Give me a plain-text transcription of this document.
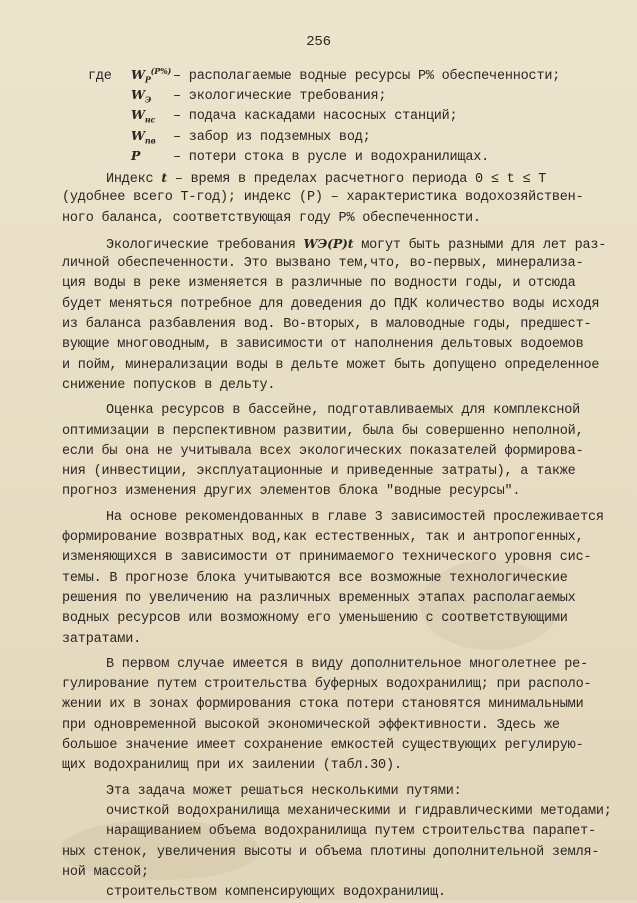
256
где	$W_P^{(P\%)}$ – располагаемые водные ресурсы Р% обеспеченности;
$W_Э$	– экологические требования;
$W_{нс}$	– подача каскадами насосных станций;
$W_{пв}$	– забор из подземных вод;
P	– потери стока в русле и водохранилищах.
Индекс t – время в пределах расчетного периода 0 ≤ t ≤ T
(удобнее всего Т-год); индекс (Р) – характеристика водохозяйствен-
ного баланса, соответствующая году Р% обеспеченности.
Экологические требования WЭ(P)t могут быть разными для лет раз-
личной обеспеченности. Это вызвано тем,что, во-первых, минерализа-
ция воды в реке изменяется в различные по водности годы, и отсюда
будет меняться потребное для доведения до ПДК количество воды исходя
из баланса разбавления вод. Во-вторых, в маловодные годы, предшест-
вующие многоводным, в зависимости от наполнения дельтовых водоемов
и пойм, минерализации воды в дельте может быть допущено определенное
снижение попусков в дельту.
Оценка ресурсов в бассейне, подготавливаемых для комплексной
оптимизации в перспективном развитии, была бы совершенно неполной,
если бы она не учитывала всех экологических показателей формирова-
ния (инвестиции, эксплуатационные и приведенные затраты), а также
прогноз изменения других элементов блока "водные ресурсы".
На основе рекомендованных в главе 3 зависимостей прослеживается
формирование возвратных вод,как естественных, так и антропогенных,
изменяющихся в зависимости от принимаемого технического уровня сис-
темы. В прогнозе блока учитываются все возможные технологические
решения по увеличению на различных временных этапах располагаемых
водных ресурсов или возможному его уменьшению с соответствующими
затратами.
В первом случае имеется в виду дополнительное многолетнее ре-
гулирование путем строительства буферных водохранилищ; при располо-
жении их в зонах формирования стока потери становятся минимальными
при одновременной высокой экономической эффективности. Здесь же
большое значение имеет сохранение емкостей существующих регулирую-
щих водохранилищ при их заилении (табл.30).
Эта задача может решаться несколькими путями:
очисткой водохранилища механическими и гидравлическими методами;
наращиванием объема водохранилища путем строительства парапет-
ных стенок, увеличения высоты и объема плотины дополнительной земля-
ной массой;
строительством компенсирующих водохранилищ.
